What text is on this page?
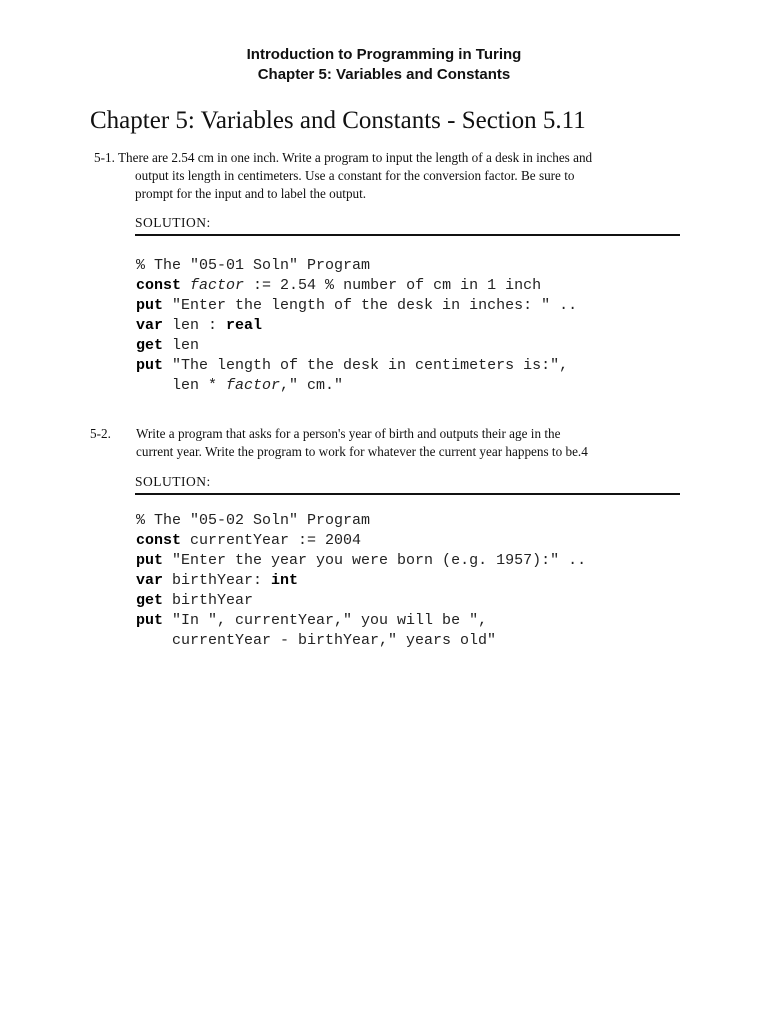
Introduction to Programming in Turing
Chapter 5: Variables and Constants
Chapter 5: Variables and Constants - Section 5.11
5-1. There are 2.54 cm in one inch. Write a program to input the length of a desk in inches and
output its length in centimeters. Use a constant for the conversion factor. Be sure to
prompt for the input and to label the output.
SOLUTION:
% The "05-01 Soln" Program
const factor := 2.54 % number of cm in 1 inch
put "Enter the length of the desk in inches: " ..
var len : real
get len
put "The length of the desk in centimeters is:",
len * factor," cm."
5-2. Write a program that asks for a person's year of birth and outputs their age in the
current year. Write the program to work for whatever the current year happens to be.4
SOLUTION:
% The "05-02 Soln" Program
const currentYear := 2004
put "Enter the year you were born (e.g. 1957):" ..
var birthYear: int
get birthYear
put "In ", currentYear," you will be ",
currentYear - birthYear," years old"
